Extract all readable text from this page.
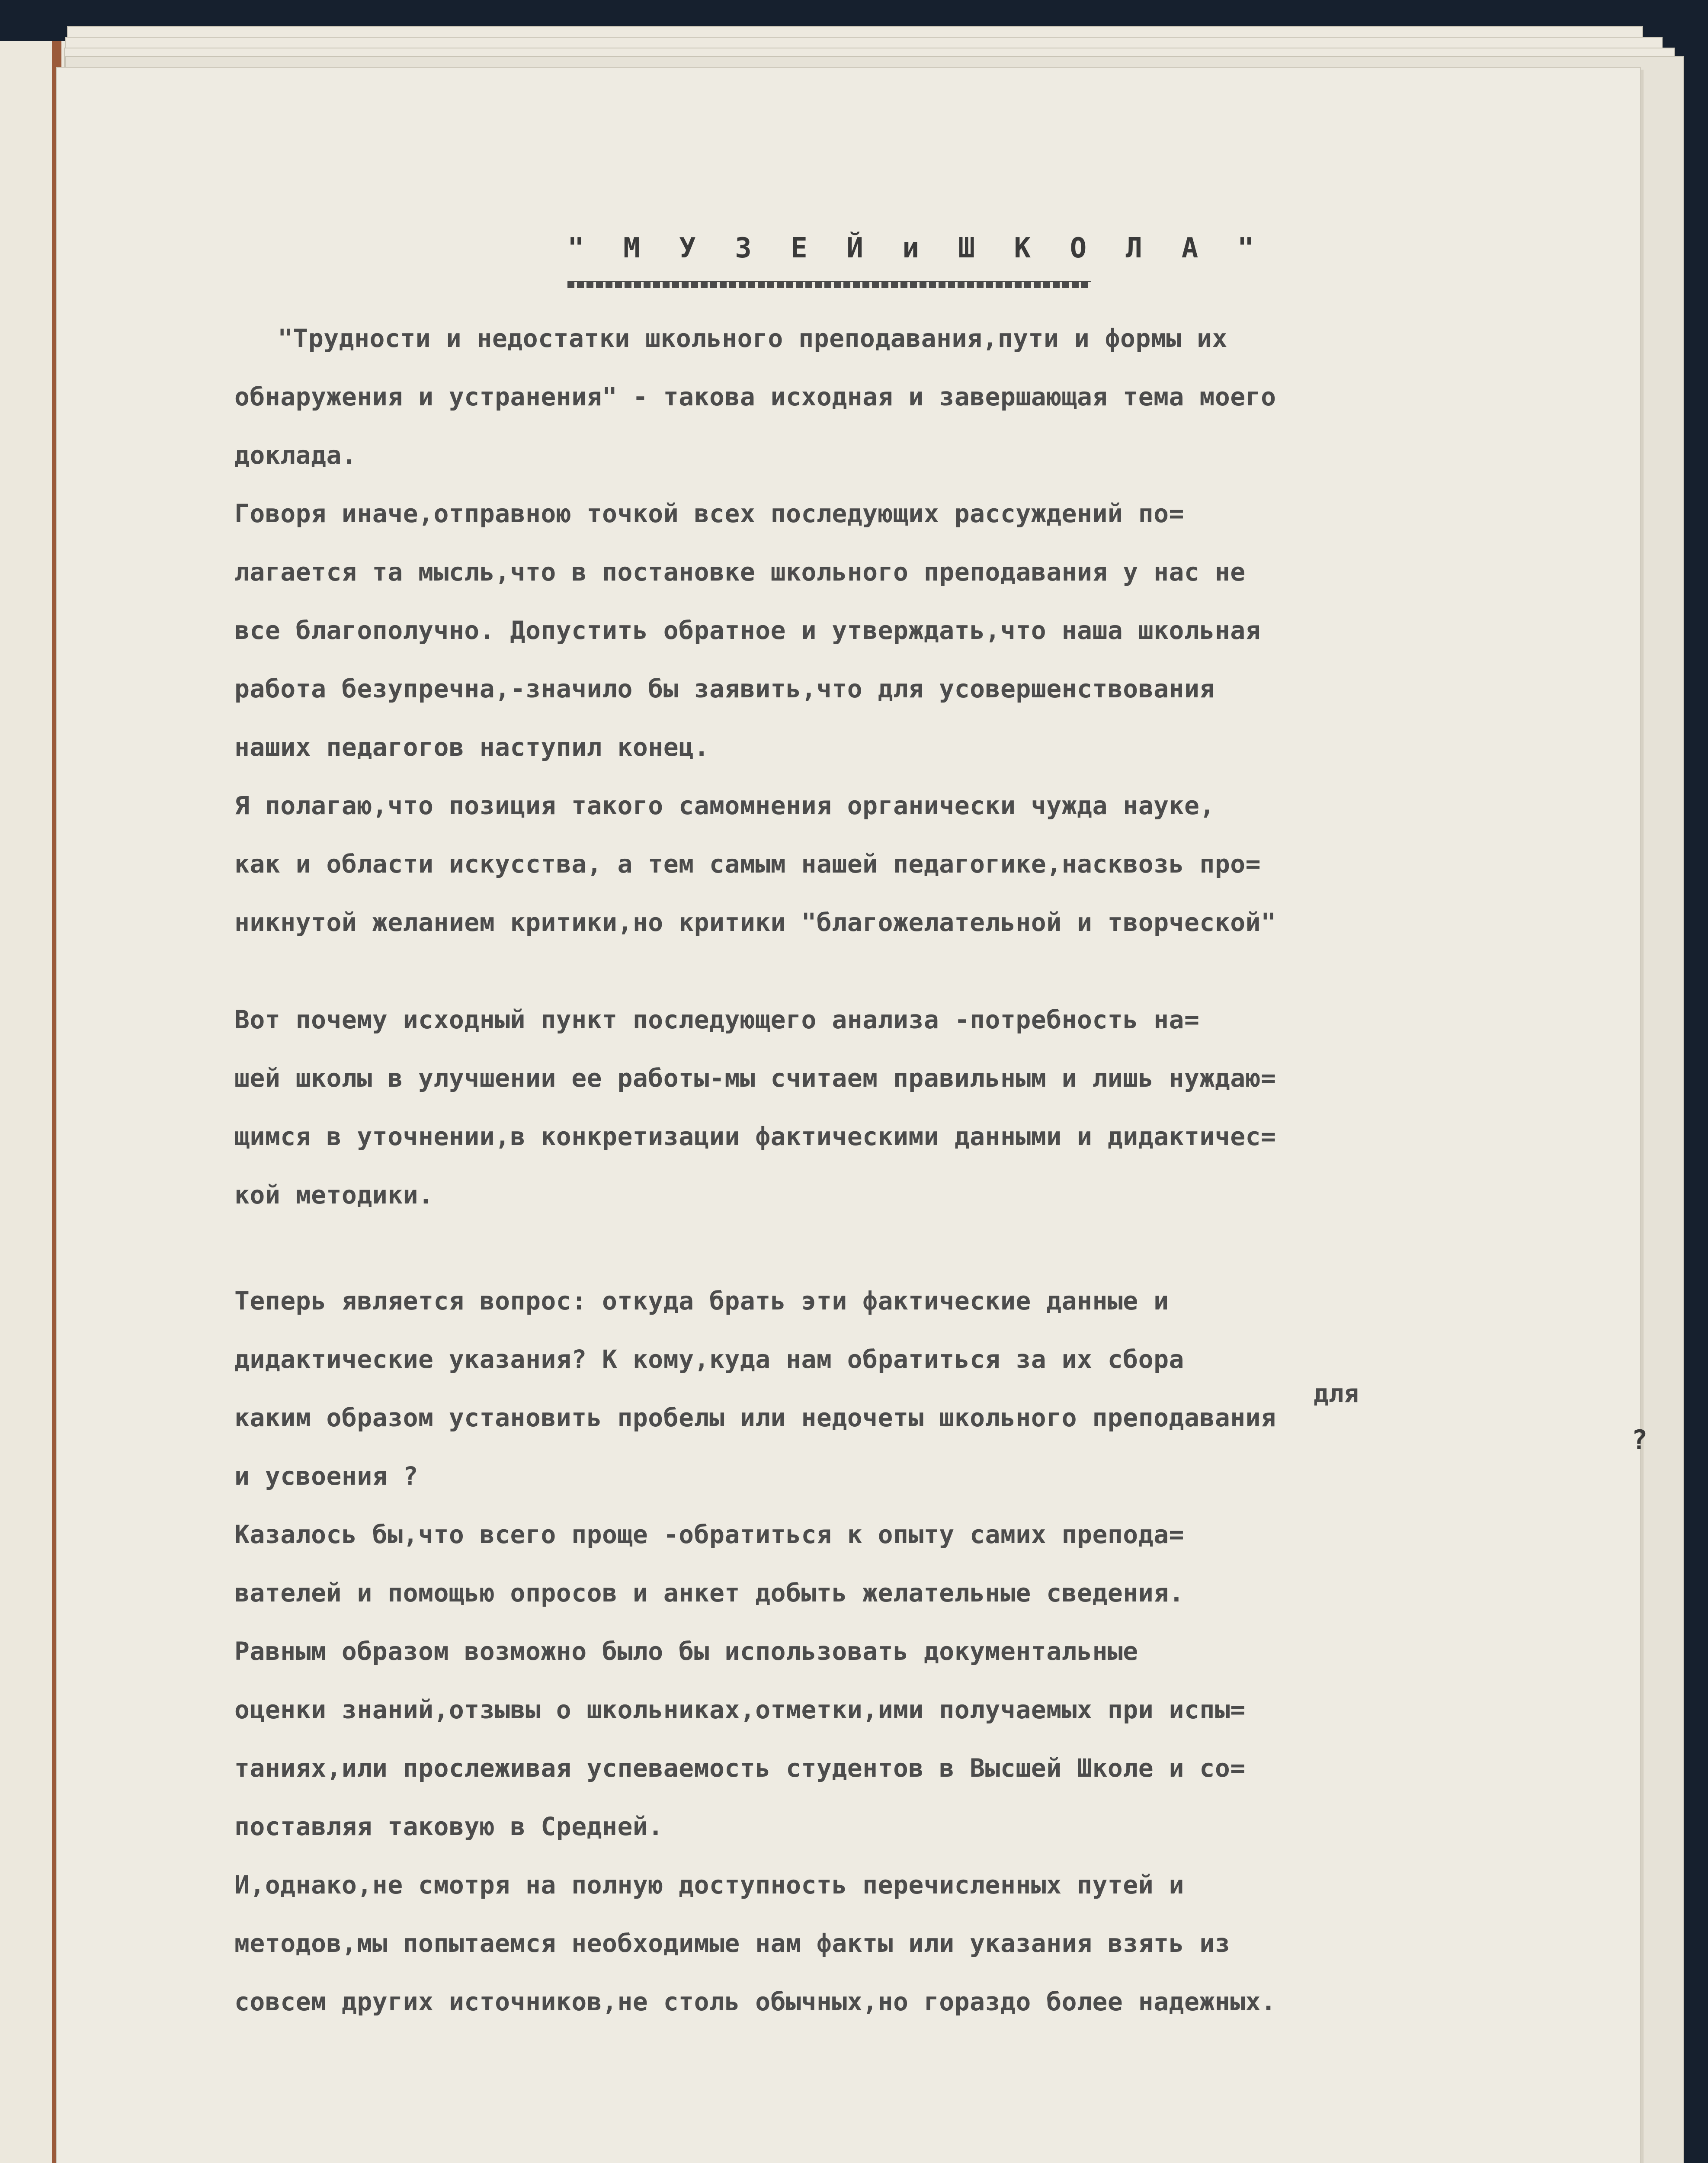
" М У З Е Й и Ш К О Л А "

"Трудности и недостатки школьного преподавания,пути и формы их

обнаружения и устранения" - такова исходная и завершающая тема моего

доклада.

Говоря иначе,отправною точкой всех последующих рассуждений по=

лагается та мысль,что в постановке школьного преподавания у нас не

все благополучно. Допустить обратное и утверждать,что наша школьная

работа безупречна,-значило бы заявить,что для усовершенствования

наших педагогов наступил конец.

Я полагаю,что позиция такого самомнения органически чужда науке,

как и области искусства, а тем самым нашей педагогике,насквозь про=

никнутой желанием критики,но критики "благожелательной и творческой"

Вот почему исходный пункт последующего анализа -потребность на=

шей школы в улучшении ее работы-мы считаем правильным и лишь нуждаю=

щимся в уточнении,в конкретизации фактическими данными и дидактичес=

кой методики.

Теперь является вопрос: откуда брать эти фактические данные и

для

дидактические указания? К кому,куда нам обратиться за их сбора

?

каким образом установить пробелы или недочеты школьного преподавания

и усвоения ?

Казалось бы,что всего проще -обратиться к опыту самих препода=

вателей и помощью опросов и анкет добыть желательные сведения.

Равным образом возможно было бы использовать документальные

оценки знаний,отзывы о школьниках,отметки,ими получаемых при испы=

таниях,или прослеживая успеваемость студентов в Высшей Школе и со=

поставляя таковую в Средней.

И,однако,не смотря на полную доступность перечисленных путей и

методов,мы попытаемся необходимые нам факты или указания взять из

совсем других источников,не столь обычных,но гораздо более надежных.
